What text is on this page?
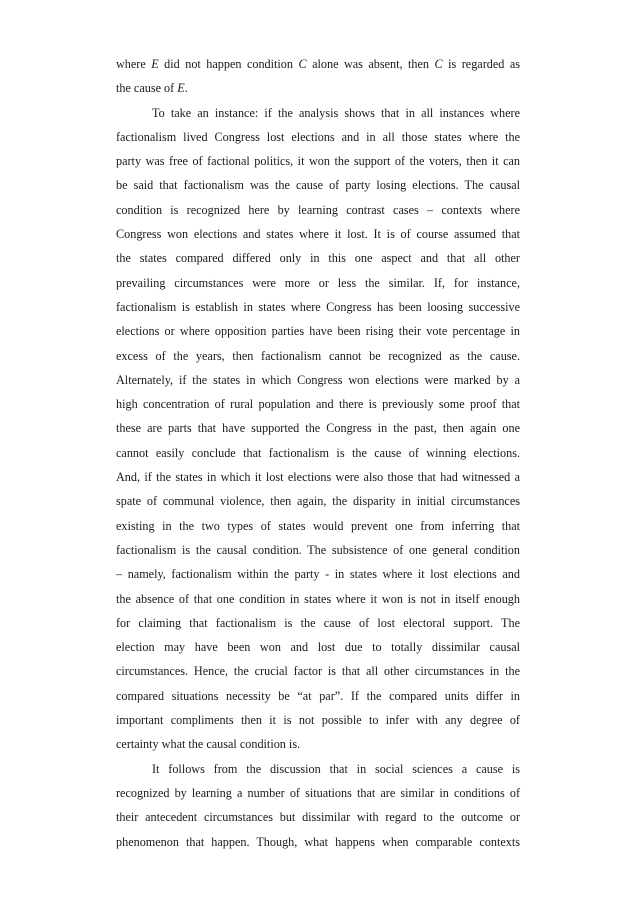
where E did not happen condition C alone was absent, then C is regarded as
the cause of E.
To take an instance: if the analysis shows that in all instances where
factionalism lived Congress lost elections and in all those states where the
party was free of factional politics, it won the support of the voters, then it can
be said that factionalism was the cause of party losing elections. The causal
condition is recognized here by learning contrast cases – contexts where
Congress won elections and states where it lost. It is of course assumed that
the states compared differed only in this one aspect and that all other
prevailing circumstances were more or less the similar. If, for instance,
factionalism is establish in states where Congress has been loosing successive
elections or where opposition parties have been rising their vote percentage in
excess of the years, then factionalism cannot be recognized as the cause.
Alternately, if the states in which Congress won elections were marked by a
high concentration of rural population and there is previously some proof that
these are parts that have supported the Congress in the past, then again one
cannot easily conclude that factionalism is the cause of winning elections.
And, if the states in which it lost elections were also those that had witnessed a
spate of communal violence, then again, the disparity in initial circumstances
existing in the two types of states would prevent one from inferring that
factionalism is the causal condition. The subsistence of one general condition
– namely, factionalism within the party - in states where it lost elections and
the absence of that one condition in states where it won is not in itself enough
for claiming that factionalism is the cause of lost electoral support. The
election may have been won and lost due to totally dissimilar causal
circumstances. Hence, the crucial factor is that all other circumstances in the
compared situations necessity be “at par”. If the compared units differ in
important compliments then it is not possible to infer with any degree of
certainty what the causal condition is.
It follows from the discussion that in social sciences a cause is
recognized by learning a number of situations that are similar in conditions of
their antecedent circumstances but dissimilar with regard to the outcome or
phenomenon that happen. Though, what happens when comparable contexts
